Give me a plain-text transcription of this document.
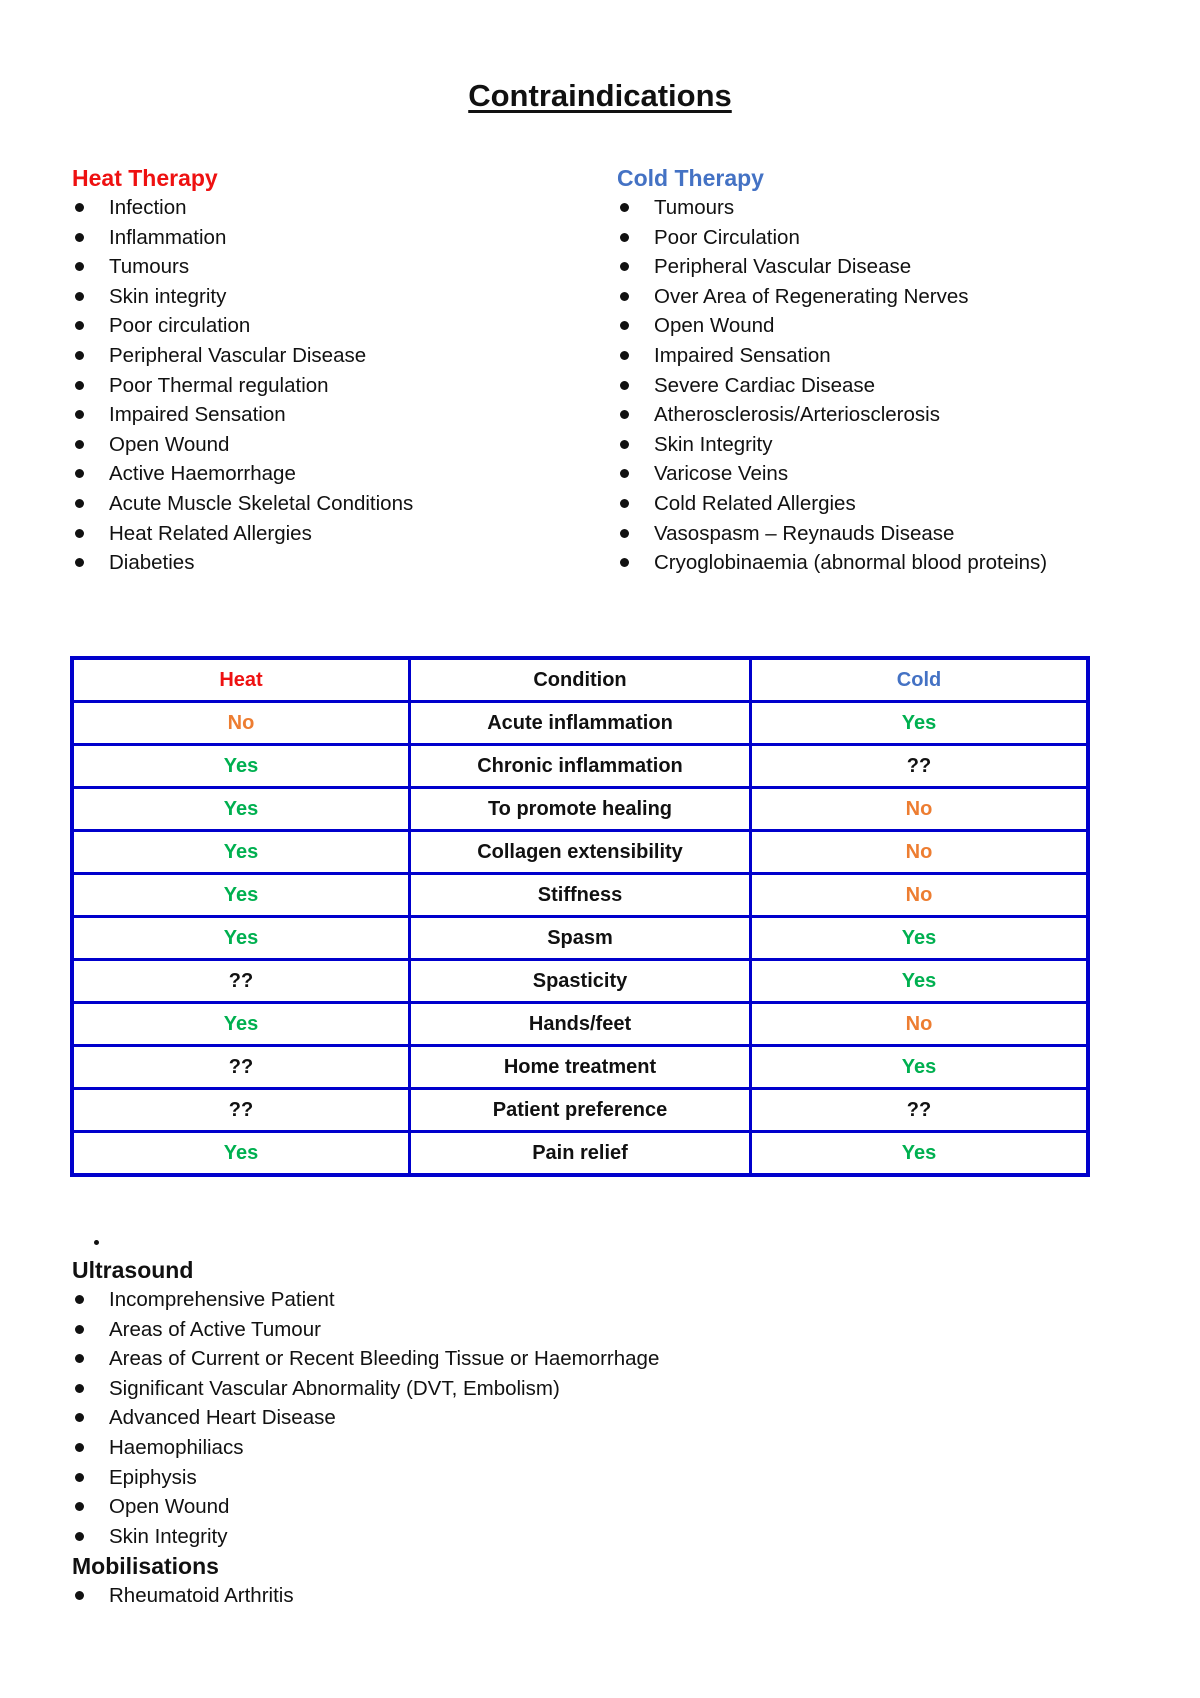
Contraindications
Heat Therapy
Infection
Inflammation
Tumours
Skin integrity
Poor circulation
Peripheral Vascular Disease
Poor Thermal regulation
Impaired Sensation
Open Wound
Active Haemorrhage
Acute Muscle Skeletal Conditions
Heat Related Allergies
Diabeties
Cold Therapy
Tumours
Poor Circulation
Peripheral Vascular Disease
Over Area of Regenerating Nerves
Open Wound
Impaired Sensation
Severe Cardiac Disease
Atherosclerosis/Arteriosclerosis
Skin Integrity
Varicose Veins
Cold Related Allergies
Vasospasm – Reynauds Disease
Cryoglobinaemia (abnormal blood proteins)
Heat	Condition	Cold
No	Acute inflammation	Yes
Yes	Chronic inflammation	??
Yes	To promote healing	No
Yes	Collagen extensibility	No
Yes	Stiffness	No
Yes	Spasm	Yes
??	Spasticity	Yes
Yes	Hands/feet	No
??	Home treatment	Yes
??	Patient preference	??
Yes	Pain relief	Yes
Ultrasound
Incomprehensive Patient
Areas of Active Tumour
Areas of Current or Recent Bleeding Tissue or Haemorrhage
Significant Vascular Abnormality (DVT, Embolism)
Advanced Heart Disease
Haemophiliacs
Epiphysis
Open Wound
Skin Integrity
Mobilisations
Rheumatoid Arthritis
